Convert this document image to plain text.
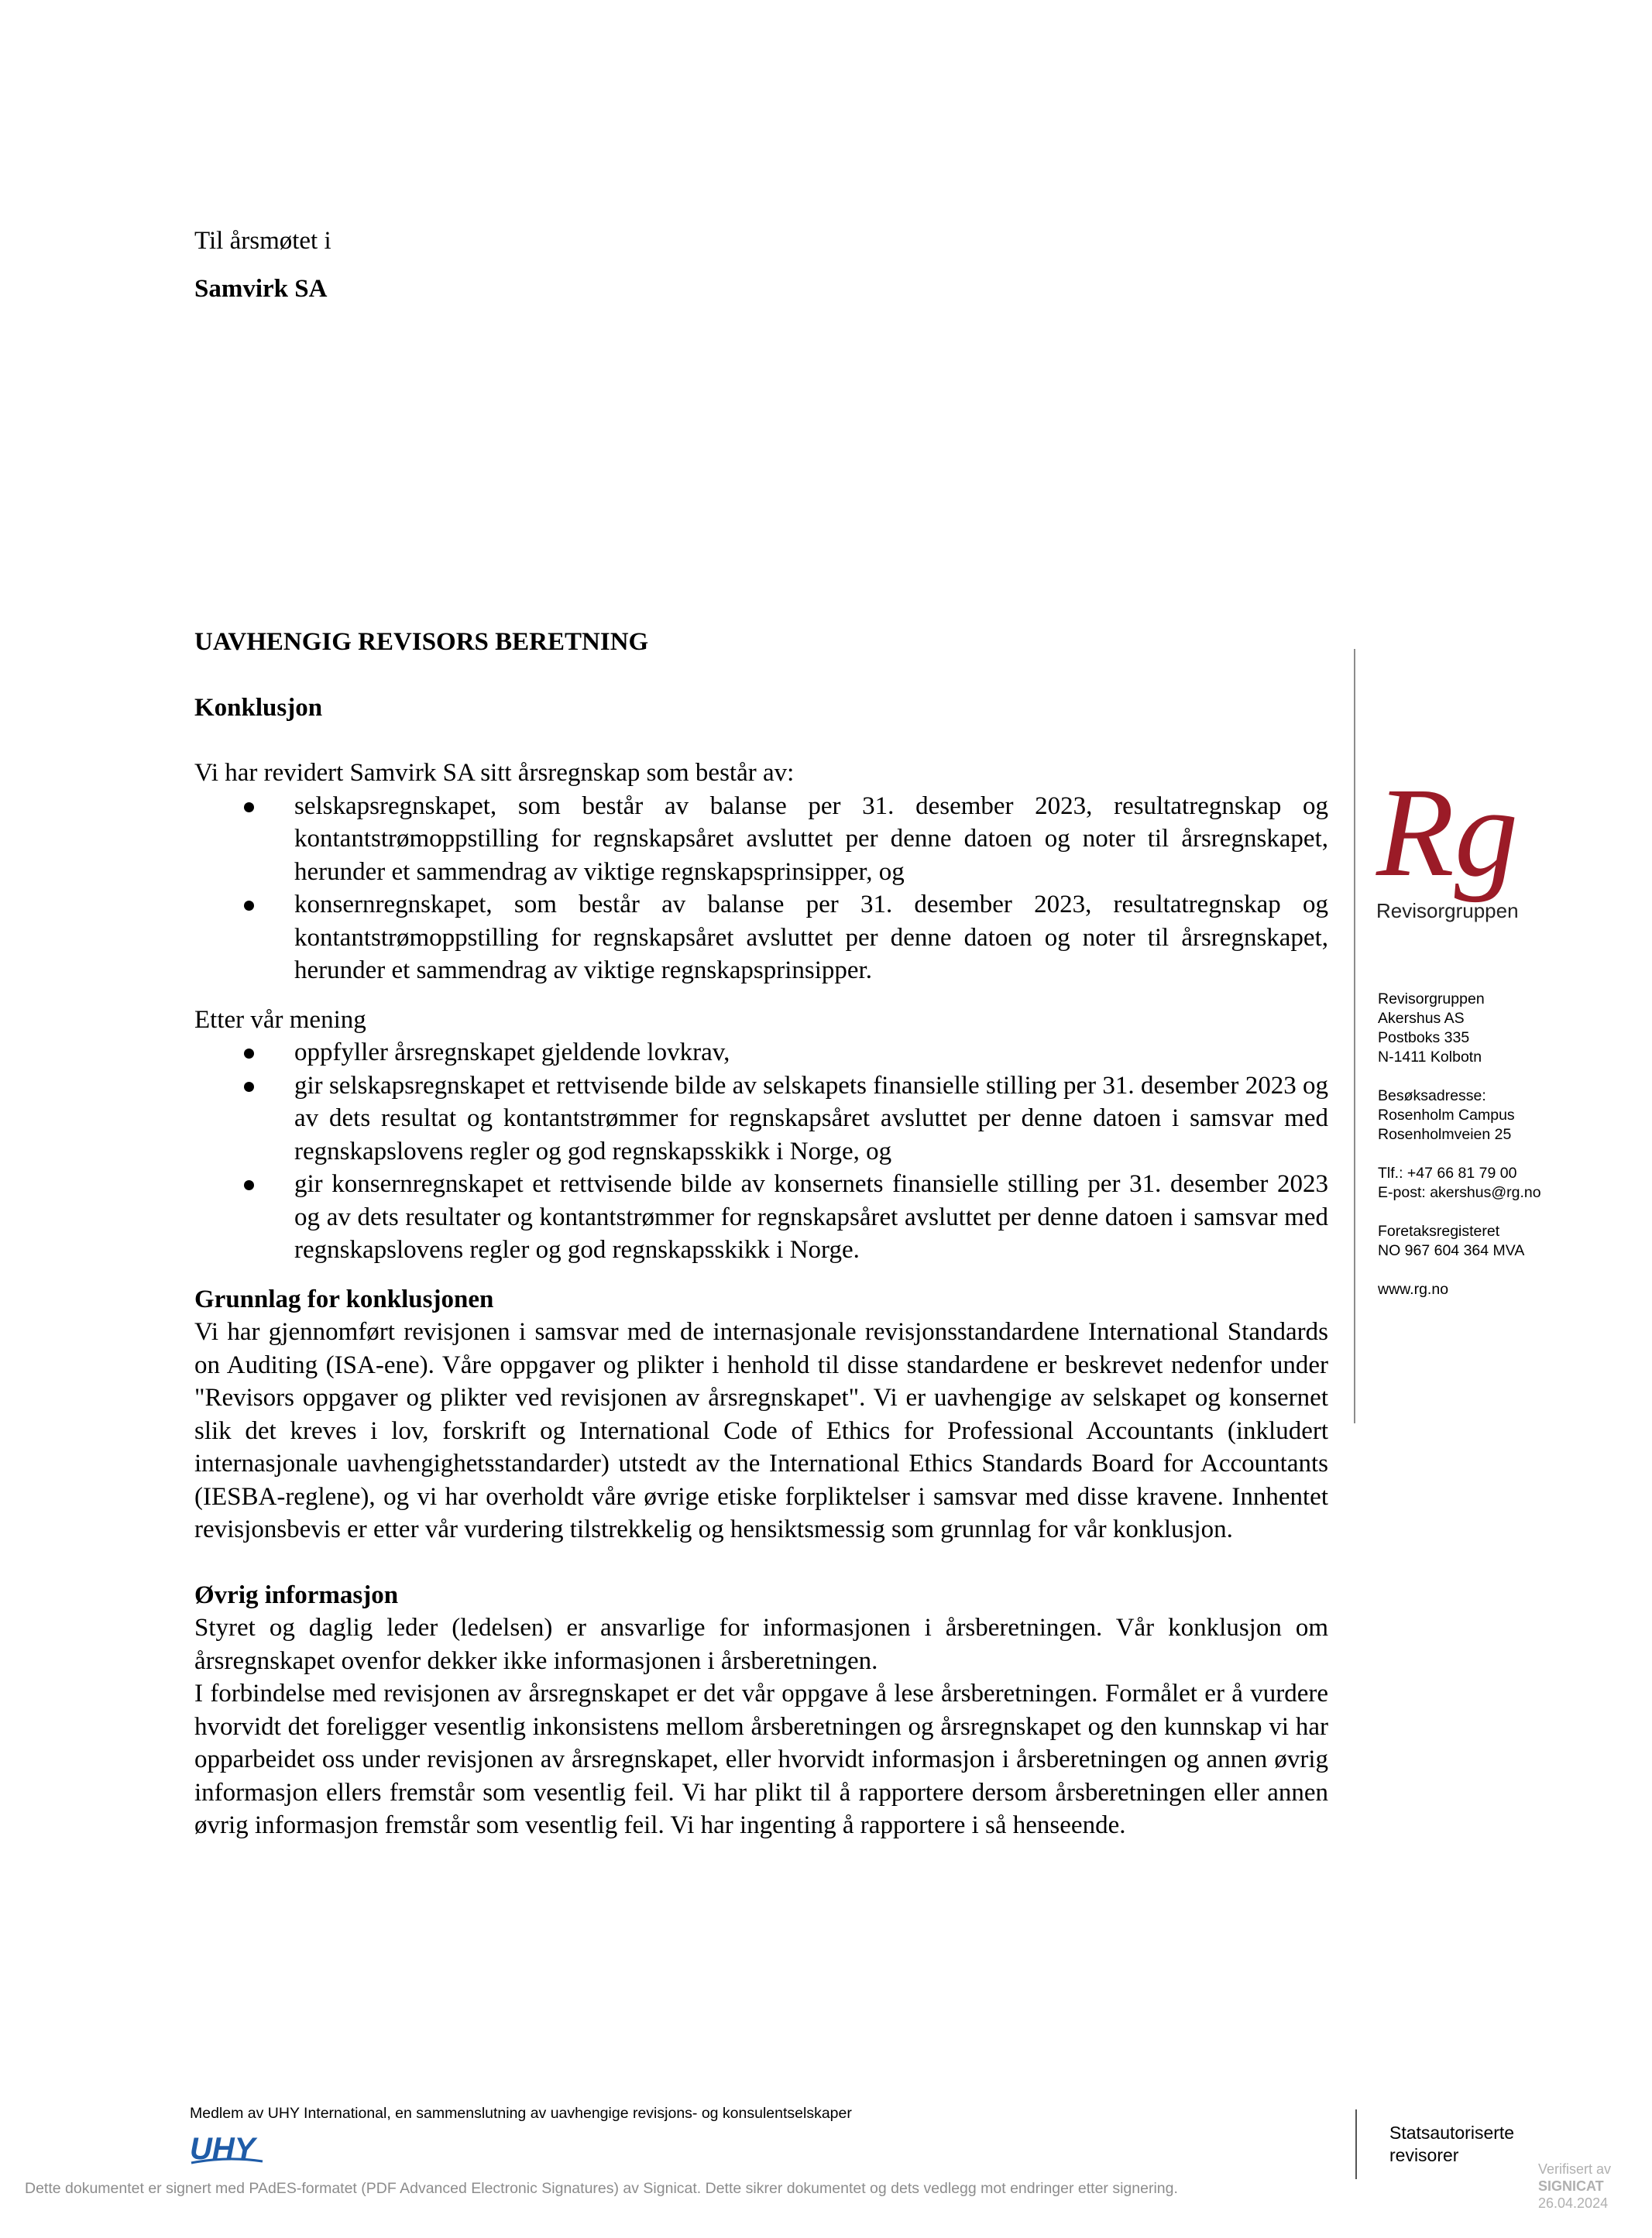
Til årsmøtet i
Samvirk SA
UAVHENGIG REVISORS BERETNING
Konklusjon
Vi har revidert Samvirk SA sitt årsregnskap som består av:
selskapsregnskapet, som består av balanse per 31. desember 2023, resultatregnskap og kontantstrømoppstilling for regnskapsåret avsluttet per denne datoen og noter til årsregnskapet, herunder et sammendrag av viktige regnskapsprinsipper, og
konsernregnskapet, som består av balanse per 31. desember 2023, resultatregnskap og kontantstrømoppstilling for regnskapsåret avsluttet per denne datoen og noter til årsregnskapet, herunder et sammendrag av viktige regnskapsprinsipper.
Etter vår mening
oppfyller årsregnskapet gjeldende lovkrav,
gir selskapsregnskapet et rettvisende bilde av selskapets finansielle stilling per 31. desember 2023 og av dets resultat og kontantstrømmer for regnskapsåret avsluttet per denne datoen i samsvar med regnskapslovens regler og god regnskapsskikk i Norge, og
gir konsernregnskapet et rettvisende bilde av konsernets finansielle stilling per 31. desember 2023 og av dets resultater og kontantstrømmer for regnskapsåret avsluttet per denne datoen i samsvar med regnskapslovens regler og god regnskapsskikk i Norge.
Grunnlag for konklusjonen
Vi har gjennomført revisjonen i samsvar med de internasjonale revisjonsstandardene International Standards on Auditing (ISA-ene). Våre oppgaver og plikter i henhold til disse standardene er beskrevet nedenfor under "Revisors oppgaver og plikter ved revisjonen av årsregnskapet". Vi er uavhengige av selskapet og konsernet slik det kreves i lov, forskrift og International Code of Ethics for Professional Accountants (inkludert internasjonale uavhengighetsstandarder) utstedt av the International Ethics Standards Board for Accountants (IESBA-reglene), og vi har overholdt våre øvrige etiske forpliktelser i samsvar med disse kravene. Innhentet revisjonsbevis er etter vår vurdering tilstrekkelig og hensiktsmessig som grunnlag for vår konklusjon.
Øvrig informasjon
Styret og daglig leder (ledelsen) er ansvarlige for informasjonen i årsberetningen. Vår konklusjon om årsregnskapet ovenfor dekker ikke informasjonen i årsberetningen.
I forbindelse med revisjonen av årsregnskapet er det vår oppgave å lese årsberetningen. Formålet er å vurdere hvorvidt det foreligger vesentlig inkonsistens mellom årsberetningen og årsregnskapet og den kunnskap vi har opparbeidet oss under revisjonen av årsregnskapet, eller hvorvidt informasjon i årsberetningen og annen øvrig informasjon ellers fremstår som vesentlig feil. Vi har plikt til å rapportere dersom årsberetningen eller annen øvrig informasjon fremstår som vesentlig feil. Vi har ingenting å rapportere i så henseende.
Rg
Revisorgruppen
Revisorgruppen
Akershus AS
Postboks 335
N-1411 Kolbotn
Besøksadresse:
Rosenholm Campus
Rosenholmveien 25
Tlf.: +47 66 81 79 00
E-post: akershus@rg.no
Foretaksregisteret
NO 967 604 364 MVA
www.rg.no
Medlem av UHY International, en sammenslutning av uavhengige revisjons- og konsulentselskaper
UHY	Statsautoriserte
revisorer
Dette dokumentet er signert med PAdES-formatet (PDF Advanced Electronic Signatures) av Signicat. Dette sikrer dokumentet og dets vedlegg mot endringer etter signering.
Verifisert av
SIGNICAT
26.04.2024
